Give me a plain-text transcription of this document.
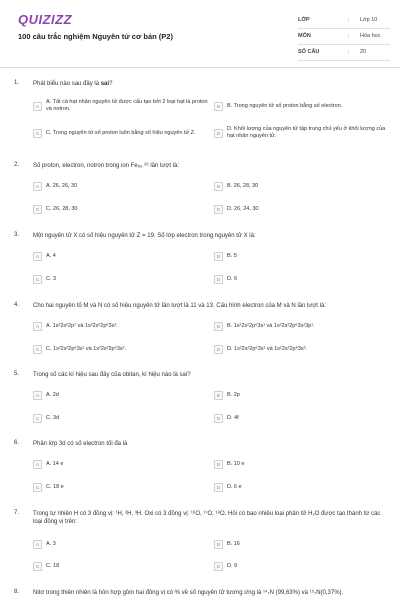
QUIZIZZ
100 câu trắc nghiệm Nguyên tử cơ bản (P2)
LỚP	: Lớp 10
MÔN	: Hóa học
SỐ CÂU	: 20
1. Phát biểu nào sau đây là sai?
A
A. Tất cả hạt nhân nguyên tử được cấu tạo bởi 2 loại hạt là proton và notron.	B	B. Trong nguyên tử số proton bằng số electron.
C	C. Trong nguyên tử số proton luôn bằng số hiệu nguyên tử Z.	D
D. Khối lượng của nguyên tử tập trung chủ yếu ở khối lượng của hạt nhân nguyên tử.
2. Số proton, electron, notron trong ion Fe₅₆ ²⁶ lần lượt là:
A	A. 26, 26, 30	B	B. 26, 28, 30
C	C. 26, 28, 30	D	D. 26, 24, 30
3. Một nguyên tử X có số hiệu nguyên tử Z = 19. Số lớp electron trong nguyên tử X là:
A	A. 4	B	B. 5
C	C. 3	D	D. 6
4. Cho hai nguyên tố M và N có số hiệu nguyên tử lần lượt là 11 và 13. Cấu hình electron của M và N lần lượt là:
A	A. 1s²2s²2p⁷ và 1s²2s²2p⁶3s².	B	B. 1s²2s²2p⁶3s¹ và 1s²2s²2p⁶3s²3p¹.
C	C. 1s²2s²2p⁶3s¹ và 1s²2s²2p⁶3s².	D	D. 1s²2s²2p⁶3s¹ và 1s²2s²2p⁶3s³.
5. Trong số các kí hiệu sau đây của obitan, kí hiệu nào là sai?
A	A. 2d	B	B. 2p
C	C. 3d	D	D. 4f
6. Phân lớp 3d có số electron tối đa là
A	A. 14 e	B	B. 10 e
C	C. 18 e	D	D. 6 e
7. Trong tự nhiên H có 3 đồng vị: ¹H, ²H, ³H. Oxi có 3 đồng vị: ¹⁶O, ¹⁷O, ¹⁸O. Hỏi có bao nhiêu loại phân tử H₂O được tạo thành từ các loại đồng vị trên:
A	A. 3	B	B. 16
C	C. 18	D	D. 9
8. Nitơ trong thiên nhiên là hỗn hợp gồm hai đồng vị có % về số nguyên tử tương ứng là ¹⁴₇N (99,63%) và ¹⁵₇N(0,37%).
